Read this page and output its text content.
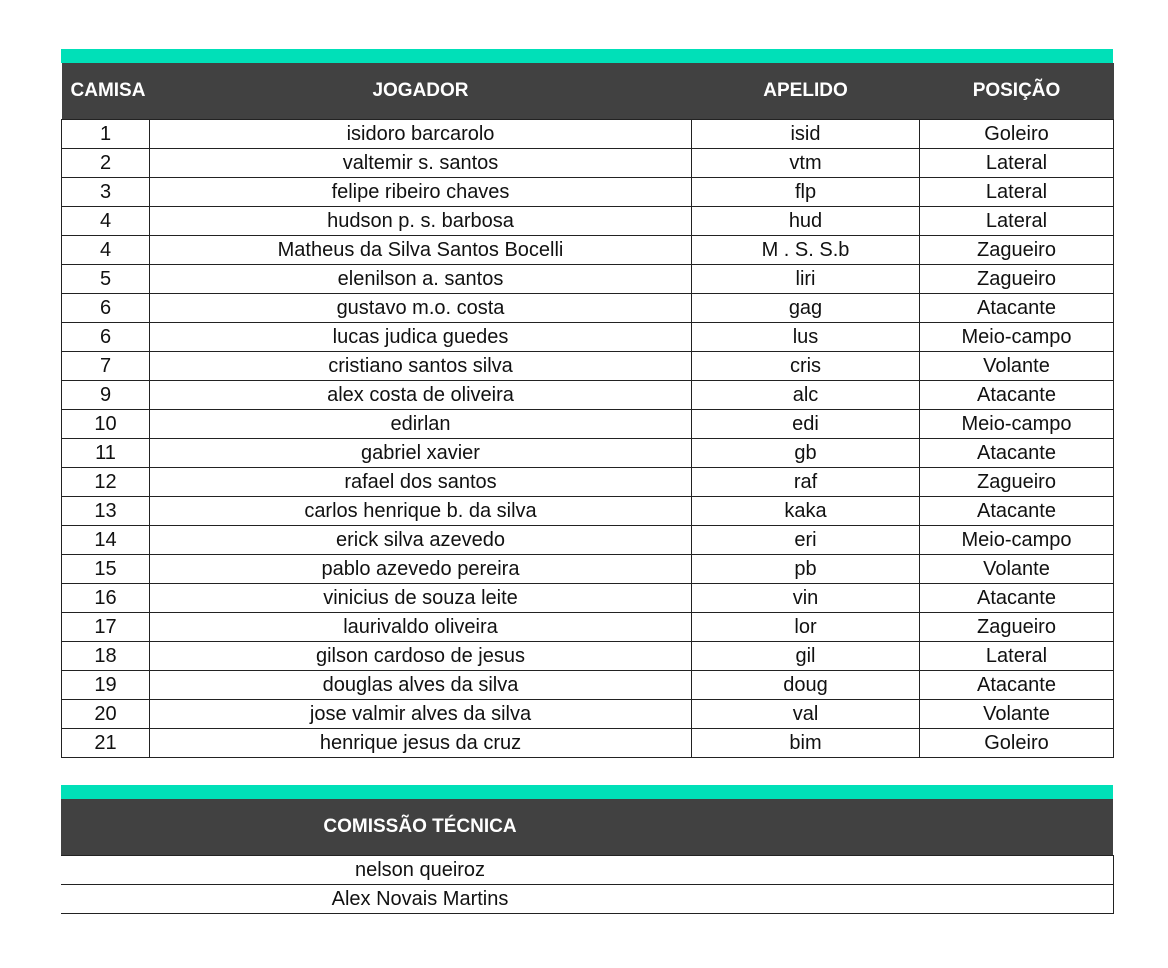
CAMISA	JOGADOR	APELIDO	POSIÇÃO
1	isidoro barcarolo	isid	Goleiro
2	valtemir s. santos	vtm	Lateral
3	felipe ribeiro chaves	flp	Lateral
4	hudson p. s. barbosa	hud	Lateral
4	Matheus da Silva Santos Bocelli	M . S. S.b	Zagueiro
5	elenilson a. santos	liri	Zagueiro
6	gustavo m.o. costa	gag	Atacante
6	lucas judica guedes	lus	Meio-campo
7	cristiano santos silva	cris	Volante
9	alex costa de oliveira	alc	Atacante
10	edirlan	edi	Meio-campo
11	gabriel xavier	gb	Atacante
12	rafael dos santos	raf	Zagueiro
13	carlos henrique b. da silva	kaka	Atacante
14	erick silva azevedo	eri	Meio-campo
15	pablo azevedo pereira	pb	Volante
16	vinicius de souza leite	vin	Atacante
17	laurivaldo oliveira	lor	Zagueiro
18	gilson cardoso de jesus	gil	Lateral
19	douglas alves da silva	doug	Atacante
20	jose valmir alves da silva	val	Volante
21	henrique jesus da cruz	bim	Goleiro
COMISSÃO TÉCNICA	
nelson queiroz	
Alex Novais Martins	
